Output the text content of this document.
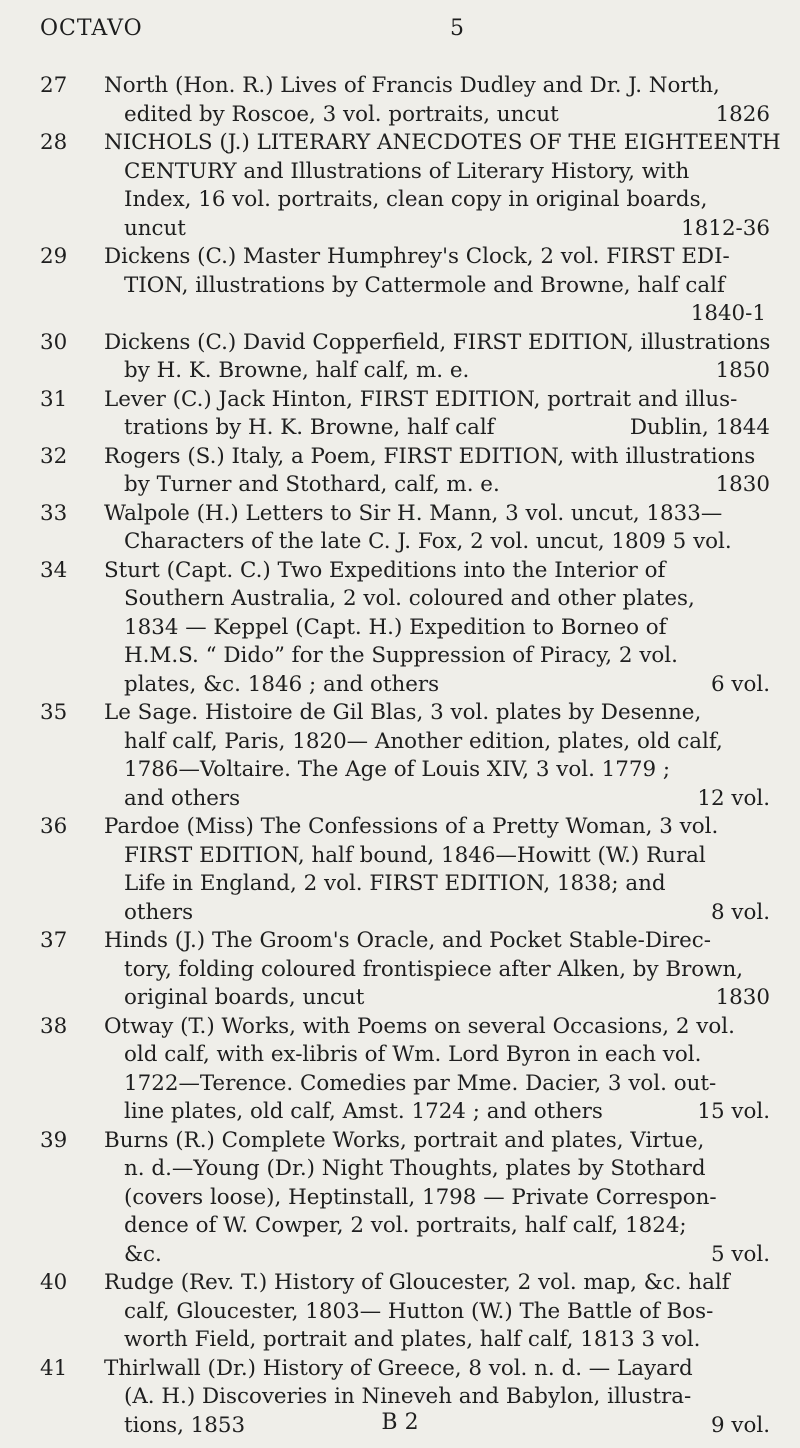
OCTAVO	5
27 North (Hon. R.) Lives of Francis Dudley and Dr. J. North,
edited by Roscoe, 3 vol. portraits, uncut	1826
28 NICHOLS (J.) LITERARY ANECDOTES OF THE EIGHTEENTH
CENTURY and Illustrations of Literary History, with
Index, 16 vol. portraits, clean copy in original boards,
uncut	1812-36
29 Dickens (C.) Master Humphrey's Clock, 2 vol. FIRST EDI-
TION, illustrations by Cattermole and Browne, half calf
1840-1
30 Dickens (C.) David Copperfield, FIRST EDITION, illustrations
by H. K. Browne, half calf, m. e.	1850
31 Lever (C.) Jack Hinton, FIRST EDITION, portrait and illus-
trations by H. K. Browne, half calf	Dublin, 1844
32 Rogers (S.) Italy, a Poem, FIRST EDITION, with illustrations
by Turner and Stothard, calf, m. e.	1830
33 Walpole (H.) Letters to Sir H. Mann, 3 vol. uncut, 1833—
Characters of the late C. J. Fox, 2 vol. uncut, 1809 5 vol.
34 Sturt (Capt. C.) Two Expeditions into the Interior of
Southern Australia, 2 vol. coloured and other plates,
1834 — Keppel (Capt. H.) Expedition to Borneo of
H.M.S. “ Dido” for the Suppression of Piracy, 2 vol.
plates, &c. 1846 ; and others	6 vol.
35 Le Sage. Histoire de Gil Blas, 3 vol. plates by Desenne,
half calf, Paris, 1820— Another edition, plates, old calf,
1786—Voltaire. The Age of Louis XIV, 3 vol. 1779 ;
and others	12 vol.
36 Pardoe (Miss) The Confessions of a Pretty Woman, 3 vol.
FIRST EDITION, half bound, 1846—Howitt (W.) Rural
Life in England, 2 vol. FIRST EDITION, 1838; and
others	8 vol.
37 Hinds (J.) The Groom's Oracle, and Pocket Stable-Direc-
tory, folding coloured frontispiece after Alken, by Brown,
original boards, uncut	1830
38 Otway (T.) Works, with Poems on several Occasions, 2 vol.
old calf, with ex-libris of Wm. Lord Byron in each vol.
1722—Terence. Comedies par Mme. Dacier, 3 vol. out-
line plates, old calf, Amst. 1724 ; and others	15 vol.
39 Burns (R.) Complete Works, portrait and plates, Virtue,
n. d.—Young (Dr.) Night Thoughts, plates by Stothard
(covers loose), Heptinstall, 1798 — Private Correspon-
dence of W. Cowper, 2 vol. portraits, half calf, 1824;
&c.	5 vol.
40 Rudge (Rev. T.) History of Gloucester, 2 vol. map, &c. half
calf, Gloucester, 1803— Hutton (W.) The Battle of Bos-
worth Field, portrait and plates, half calf, 1813 3 vol.
41 Thirlwall (Dr.) History of Greece, 8 vol. n. d. — Layard
(A. H.) Discoveries in Nineveh and Babylon, illustra-
tions, 1853	9 vol.
B 2
